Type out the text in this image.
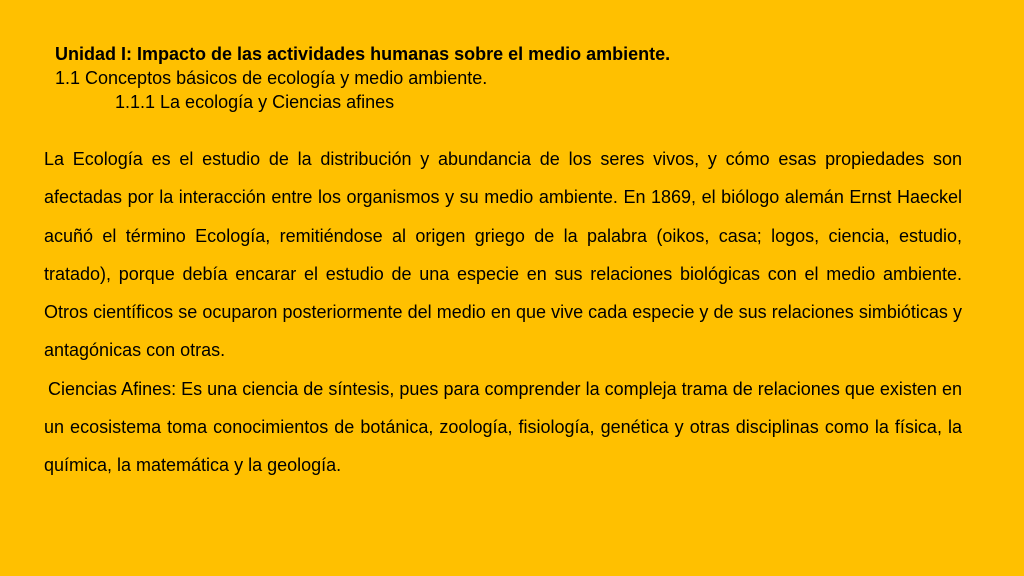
Unidad I: Impacto de las actividades humanas sobre el medio ambiente.

1.1 Conceptos básicos de ecología y medio ambiente.

1.1.1 La ecología y Ciencias afines

La Ecología es el estudio de la distribución y abundancia de los seres vivos, y cómo esas propiedades son afectadas por la interacción entre los organismos y su medio ambiente. En 1869, el biólogo alemán Ernst Haeckel acuñó el término Ecología, remitiéndose al origen griego de la palabra (oikos, casa; logos, ciencia, estudio, tratado), porque debía encarar el estudio de una especie en sus relaciones biológicas con el medio ambiente. Otros científicos se ocuparon posteriormente del medio en que vive cada especie y de sus relaciones simbióticas y antagónicas con otras.

Ciencias Afines: Es una ciencia de síntesis, pues para comprender la compleja trama de relaciones que existen en un ecosistema toma conocimientos de botánica, zoología, fisiología, genética y otras disciplinas como la física, la química, la matemática y la geología.
